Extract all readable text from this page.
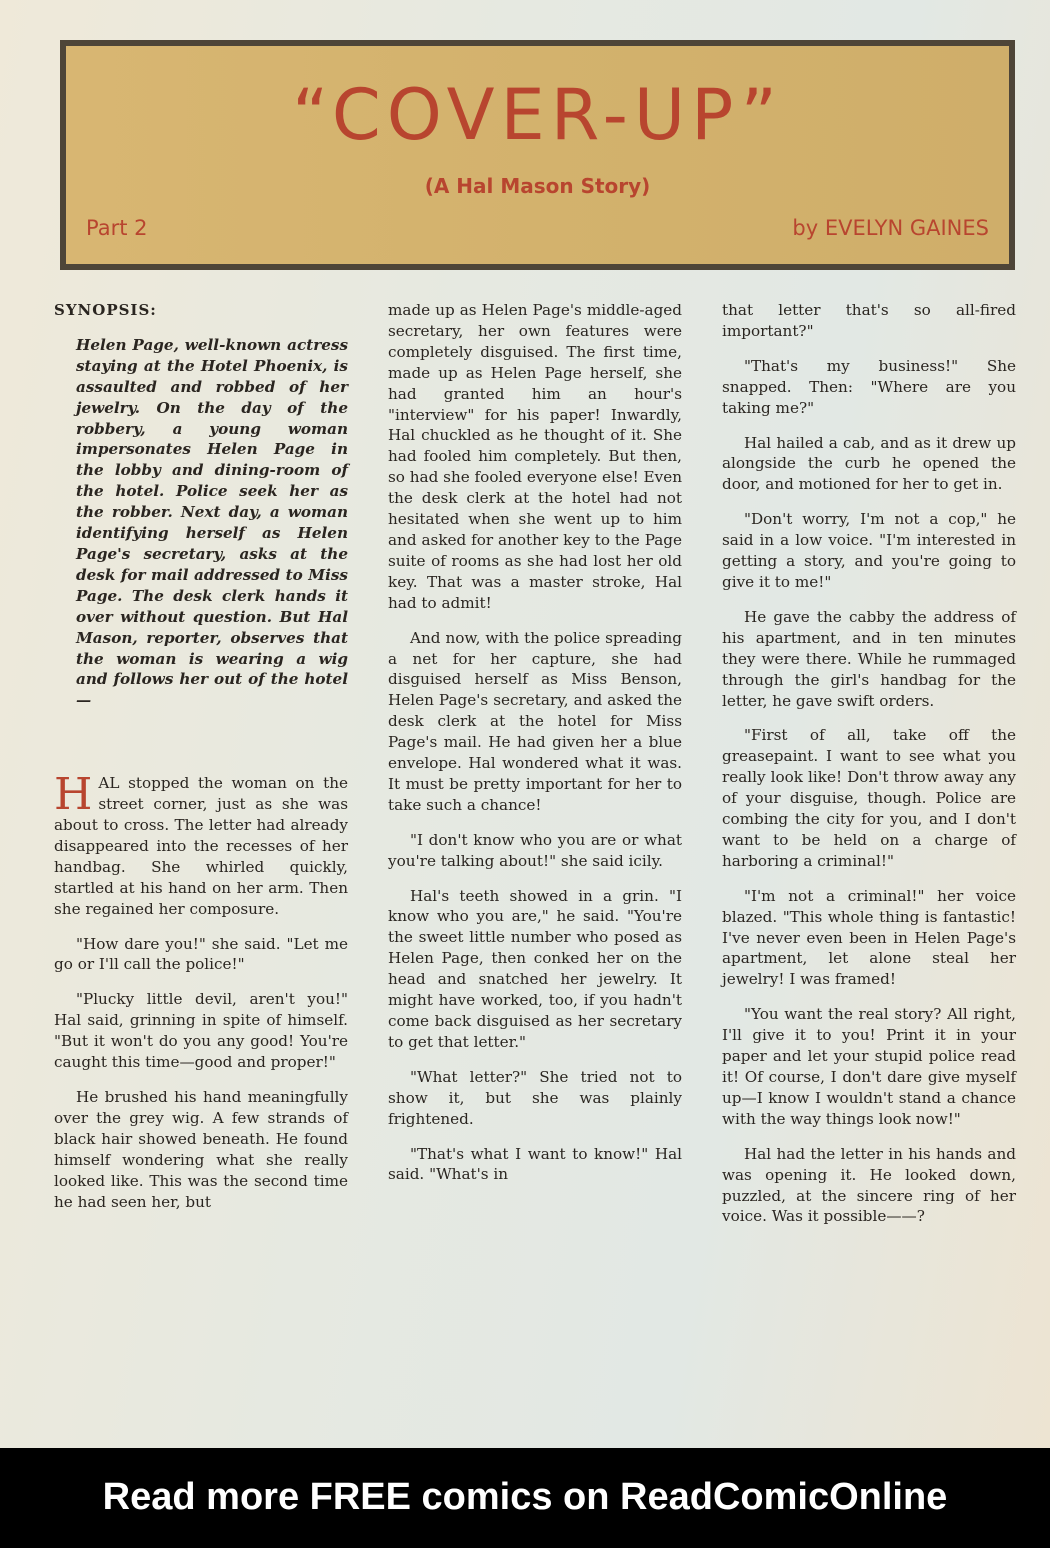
“COVER-UP”
(A Hal Mason Story)
Part 2	by EVELYN GAINES

SYNOPSIS:

Helen Page, well-known actress staying at the Hotel Phoenix, is assaulted and robbed of her jewelry. On the day of the robbery, a young woman impersonates Helen Page in the lobby and dining-room of the hotel. Police seek her as the robber. Next day, a woman identifying herself as Helen Page's secretary, asks at the desk for mail addressed to Miss Page. The desk clerk hands it over without question. But Hal Mason, reporter, observes that the woman is wearing a wig and follows her out of the hotel—

HAL stopped the woman on the street corner, just as she was about to cross. The letter had already disappeared into the recesses of her handbag. She whirled quickly, startled at his hand on her arm. Then she regained her composure.

"How dare you!" she said. "Let me go or I'll call the police!"

"Plucky little devil, aren't you!" Hal said, grinning in spite of himself. "But it won't do you any good! You're caught this time—good and proper!"

He brushed his hand meaningfully over the grey wig. A few strands of black hair showed beneath. He found himself wondering what she really looked like. This was the second time he had seen her, but

made up as Helen Page's middle-aged secretary, her own features were completely disguised. The first time, made up as Helen Page herself, she had granted him an hour's "interview" for his paper! Inwardly, Hal chuckled as he thought of it. She had fooled him completely. But then, so had she fooled everyone else! Even the desk clerk at the hotel had not hesitated when she went up to him and asked for another key to the Page suite of rooms as she had lost her old key. That was a master stroke, Hal had to admit!

And now, with the police spreading a net for her capture, she had disguised herself as Miss Benson, Helen Page's secretary, and asked the desk clerk at the hotel for Miss Page's mail. He had given her a blue envelope. Hal wondered what it was. It must be pretty important for her to take such a chance!

"I don't know who you are or what you're talking about!" she said icily.

Hal's teeth showed in a grin. "I know who you are," he said. "You're the sweet little number who posed as Helen Page, then conked her on the head and snatched her jewelry. It might have worked, too, if you hadn't come back disguised as her secretary to get that letter."

"What letter?" She tried not to show it, but she was plainly frightened.

"That's what I want to know!" Hal said. "What's in

that letter that's so all-fired important?"

"That's my business!" She snapped. Then: "Where are you taking me?"

Hal hailed a cab, and as it drew up alongside the curb he opened the door, and motioned for her to get in.

"Don't worry, I'm not a cop," he said in a low voice. "I'm interested in getting a story, and you're going to give it to me!"

He gave the cabby the address of his apartment, and in ten minutes they were there. While he rummaged through the girl's handbag for the letter, he gave swift orders.

"First of all, take off the greasepaint. I want to see what you really look like! Don't throw away any of your disguise, though. Police are combing the city for you, and I don't want to be held on a charge of harboring a criminal!"

"I'm not a criminal!" her voice blazed. "This whole thing is fantastic! I've never even been in Helen Page's apartment, let alone steal her jewelry! I was framed!

"You want the real story? All right, I'll give it to you! Print it in your paper and let your stupid police read it! Of course, I don't dare give myself up—I know I wouldn't stand a chance with the way things look now!"

Hal had the letter in his hands and was opening it. He looked down, puzzled, at the sincere ring of her voice. Was it possible——?

Read more FREE comics on ReadComicOnline
